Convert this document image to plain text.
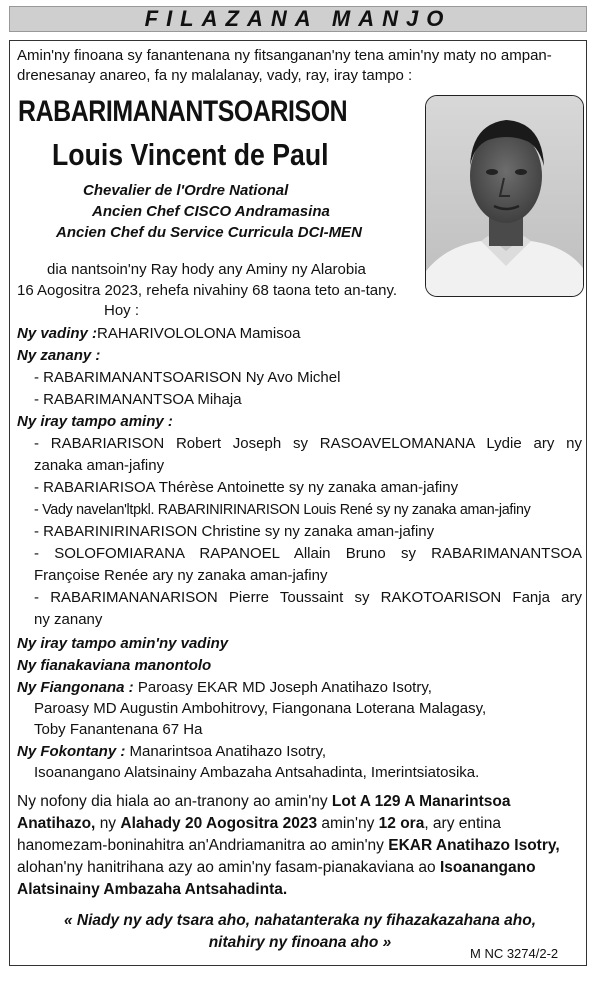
FILAZANA MANJO
Amin'ny finoana sy fanantenana ny fitsanganan'ny tena amin'ny maty no ampan-
drenesanay anareo, fa ny malalanay, vady, ray, iray tampo :
RABARIMANANTSOARISON
Louis Vincent de Paul
Chevalier de l'Ordre National
Ancien Chef CISCO Andramasina
Ancien Chef du Service Curricula DCI-MEN
dia nantsoin'ny Ray hody any Aminy ny Alarobia
16 Aogositra 2023, rehefa nivahiny 68 taona teto an-tany.
Hoy :
Ny vadiny :RAHARIVOLOLONA Mamisoa
Ny zanany :
- RABARIMANANTSOARISON Ny Avo Michel
- RABARIMANANTSOA Mihaja
Ny iray tampo aminy :
- RABARIARISON Robert Joseph sy RASOAVELOMANANA Lydie ary ny
zanaka aman-jafiny
- RABARIARISOA Thérèse Antoinette sy ny zanaka aman-jafiny
- Vady navelan'ltpkl. RABARINIRINARISON Louis René sy ny zanaka aman-jafiny
- RABARINIRINARISON Christine sy ny zanaka aman-jafiny
- SOLOFOMIARANA RAPANOEL Allain Bruno sy RABARIMANANTSOA
Françoise Renée ary ny zanaka aman-jafiny
- RABARIMANANARISON Pierre Toussaint sy RAKOTOARISON Fanja ary
ny zanany
Ny iray tampo amin'ny vadiny
Ny fianakaviana manontolo
Ny Fiangonana : Paroasy EKAR MD Joseph Anatihazo Isotry,
Paroasy MD Augustin Ambohitrovy, Fiangonana Loterana Malagasy,
Toby Fanantenana 67 Ha
Ny Fokontany : Manarintsoa Anatihazo Isotry,
Isoanangano Alatsinainy Ambazaha Antsahadinta, Imerintsiatosika.
Ny nofony dia hiala ao an-tranony ao amin'ny Lot A 129 A Manarintsoa
Anatihazo, ny Alahady 20 Aogositra 2023 amin'ny 12 ora, ary entina
hanomezam-boninahitra an'Andriamanitra ao amin'ny EKAR Anatihazo Isotry,
alohan'ny hanitrihana azy ao amin'ny fasam-pianakaviana ao Isoanangano
Alatsinainy Ambazaha Antsahadinta.
« Niady ny ady tsara aho, nahatanteraka ny fihazakazahana aho,
nitahiry ny finoana aho »
M NC 3274/2-2
